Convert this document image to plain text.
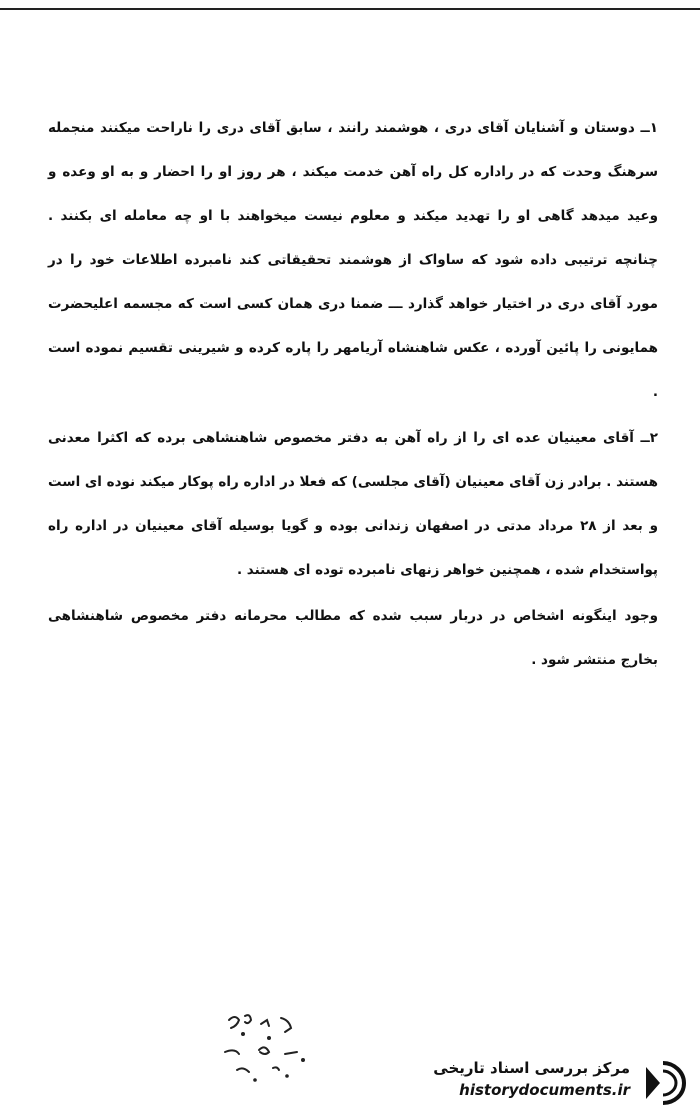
۱ــ دوستان و آشنایان آقای دری ، هوشمند رانند ، سابق آقای دری را ناراحت میکنند منجمله سرهنگ وحدت که در راداره کل راه آهن خدمت میکند ، هر روز او را احضار و به او وعده و وعید میدهد گاهی او را تهدید میکند و معلوم نیست میخواهند با او چه معامله ای بکنند . چنانچه ترتیبی داده شود که ساواک از هوشمند تحقیقاتی کند نامبرده اطلاعات خود را در مورد آقای دری در اختیار خواهد گذارد ـــ ضمنا دری همان کسی است که مجسمه اعلیحضرت همایونی را پائین آورده ، عکس شاهنشاه آریامهر را پاره کرده و شیرینی تقسیم نموده است .

۲ــ آقای معینیان عده ای را از راه آهن به دفتر مخصوص شاهنشاهی برده که اکثرا معدنی هستند . برادر زن آقای معینیان (آقای مجلسی) که فعلا در اداره راه پوکار میکند نوده ای است و بعد از ۲۸ مرداد مدتی در اصفهان زندانی بوده و گویا بوسیله آقای معینیان در اداره راه پواستخدام شده ، همچنین خواهر زنهای نامبرده توده ای هستند .

وجود اینگونه اشخاص در دربار سبب شده که مطالب محرمانه دفتر مخصوص شاهنشاهی بخارج منتشر شود .

مرکز بررسی اسناد تاریخی
historydocuments.ir
